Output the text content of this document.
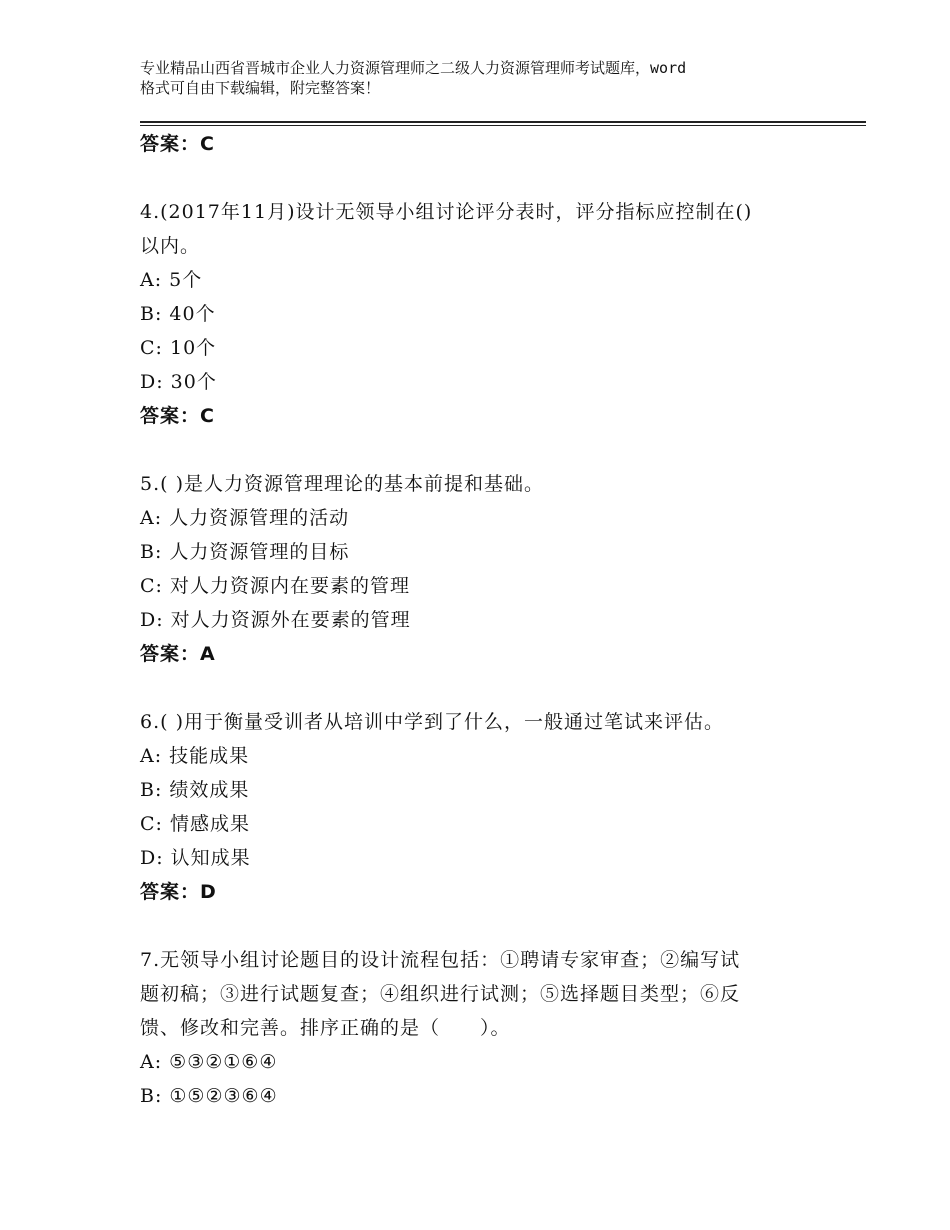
专业精品山西省晋城市企业人力资源管理师之二级人力资源管理师考试题库，word
格式可自由下载编辑，附完整答案！
答案：C
4.(2017年11月)设计无领导小组讨论评分表时，评分指标应控制在()
以内。
A: 5个
B: 40个
C: 10个
D: 30个
答案：C
5.( )是人力资源管理理论的基本前提和基础。
A: 人力资源管理的活动
B: 人力资源管理的目标
C: 对人力资源内在要素的管理
D: 对人力资源外在要素的管理
答案：A
6.( )用于衡量受训者从培训中学到了什么，一般通过笔试来评估。
A: 技能成果
B: 绩效成果
C: 情感成果
D: 认知成果
答案：D
7.无领导小组讨论题目的设计流程包括：①聘请专家审查；②编写试
题初稿；③进行试题复查；④组织进行试测；⑤选择题目类型；⑥反
馈、修改和完善。排序正确的是（　　）。
A: ⑤③②①⑥④
B: ①⑤②③⑥④
